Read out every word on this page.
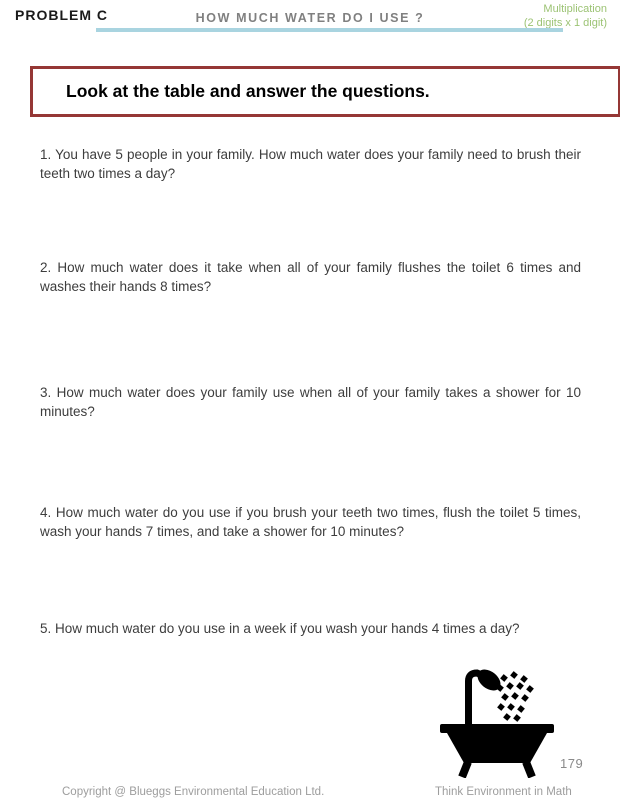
PROBLEM C	HOW MUCH WATER DO I USE ?
Multiplication
(2 digits x 1 digit)
Look at the table and answer the questions.
1. You have 5 people in your family. How much water does your family need to brush their teeth two times a day?
2. How much water does it take when all of your family flushes the toilet 6 times and washes their hands 8 times?
3. How much water does your family use when all of your family takes a shower for 10 minutes?
4. How much water do you use if you brush your teeth two times, flush the toilet 5 times, wash your hands 7 times, and take a shower for 10 minutes?
5. How much water do you use in a week if you wash your hands 4 times a day?
179
Copyright @ Blueggs Environmental Education Ltd.	Think Environment in Math
